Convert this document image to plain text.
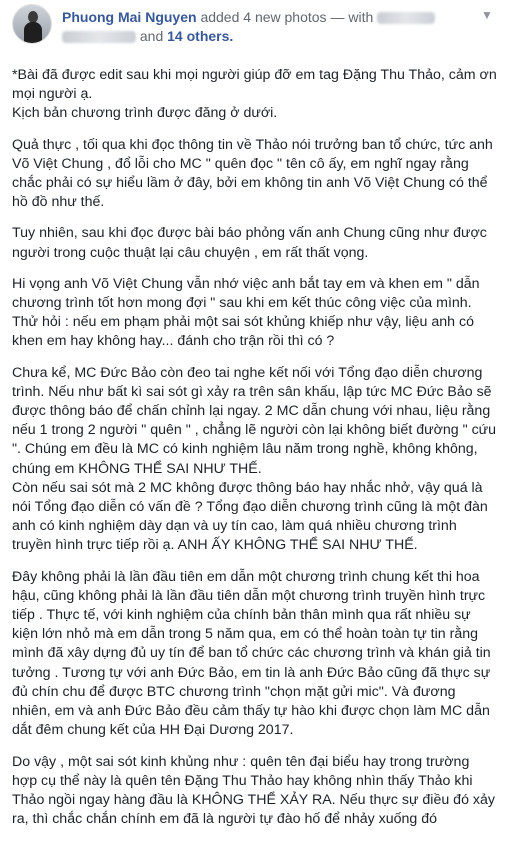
Phuong Mai Nguyen added 4 new photos — with
and 14 others.
▼

*Bài đã được edit sau khi mọi người giúp đỡ em tag Đặng Thu Thảo, cảm ơn mọi người ạ.
Kịch bản chương trình được đăng ở dưới.

Quả thực , tối qua khi đọc thông tin về Thảo nói trưởng ban tổ chức, tức anh Võ Việt Chung , đổ lỗi cho MC " quên đọc " tên cô ấy, em nghĩ ngay rằng chắc phải có sự hiểu lầm ở đây, bởi em không tin anh Võ Việt Chung có thể hồ đồ như thế.

Tuy nhiên, sau khi đọc được bài báo phỏng vấn anh Chung cũng như được người trong cuộc thuật lại câu chuyện , em rất thất vọng.

Hi vọng anh Võ Việt Chung vẫn nhớ việc anh bắt tay em và khen em " dẫn chương trình tốt hơn mong đợi " sau khi em kết thúc công việc của mình. Thử hỏi : nếu em phạm phải một sai sót khủng khiếp như vậy, liệu anh có khen em hay không hay... đánh cho trận rồi thì có ?

Chưa kể, MC Đức Bảo còn đeo tai nghe kết nối với Tổng đạo diễn chương trình. Nếu như bất kì sai sót gì xảy ra trên sân khấu, lập tức MC Đức Bảo sẽ được thông báo để chấn chỉnh lại ngay. 2 MC dẫn chung với nhau, liệu rằng nếu 1 trong 2 người " quên " , chẳng lẽ người còn lại không biết đường " cứu ". Chúng em đều là MC có kinh nghiệm lâu năm trong nghề, không không, chúng em KHÔNG THỂ SAI NHƯ THẾ.
Còn nếu sai sót mà 2 MC không được thông báo hay nhắc nhở, vậy quá là nói Tổng đạo diễn có vấn đề ? Tổng đạo diễn chương trình cũng là một đàn anh có kinh nghiệm dày dạn và uy tín cao, làm quá nhiều chương trình truyền hình trực tiếp rồi ạ. ANH ẤY KHÔNG THỂ SAI NHƯ THẾ.

Đây không phải là lần đầu tiên em dẫn một chương trình chung kết thi hoa hậu, cũng không phải là lần đầu tiên dẫn một chương trình truyền hình trực tiếp . Thực tế, với kinh nghiệm của chính bản thân mình qua rất nhiều sự kiện lớn nhỏ mà em dẫn trong 5 năm qua, em có thể hoàn toàn tự tin rằng mình đã xây dựng đủ uy tín để ban tổ chức các chương trình và khán giả tin tưởng . Tương tự với anh Đức Bảo, em tin là anh Đức Bảo cũng đã thực sự đủ chín chu để được BTC chương trình "chọn mặt gửi mic". Và đương nhiên, em và anh Đức Bảo đều cảm thấy tự hào khi được chọn làm MC dẫn dắt đêm chung kết của HH Đại Dương 2017.

Do vậy , một sai sót kinh khủng như : quên tên đại biểu hay trong trường hợp cụ thể này là quên tên Đặng Thu Thảo hay không nhìn thấy Thảo khi Thảo ngồi ngay hàng đầu là KHÔNG THỂ XẢY RA. Nếu thực sự điều đó xảy ra, thì chắc chắn chính em đã là người tự đào hố để nhảy xuống đó
